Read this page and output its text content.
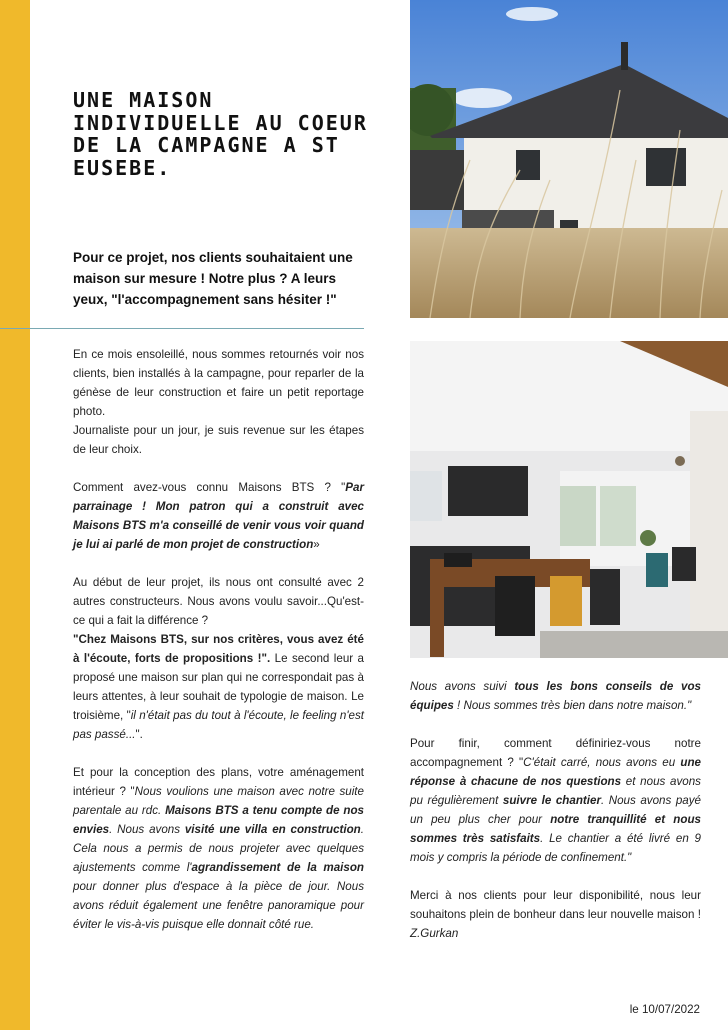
UNE MAISON INDIVIDUELLE AU COEUR DE LA CAMPAGNE A ST EUSEBE.

Pour ce projet, nos clients souhaitaient une maison sur mesure ! Notre plus ? A leurs yeux, "l'accompagnement sans hésiter !"

En ce mois ensoleillé, nous sommes retournés voir nos clients, bien installés à la campagne, pour reparler de la génèse de leur construction et faire un petit reportage photo.
Journaliste pour un jour, je suis revenue sur les étapes de leur choix.

Comment avez-vous connu Maisons BTS ? "Par parrainage ! Mon patron qui a construit avec Maisons BTS m'a conseillé de venir vous voir quand je lui ai parlé de mon projet de construction»

Au début de leur projet, ils nous ont consulté avec 2 autres constructeurs. Nous avons voulu savoir...Qu'est-ce qui a fait la différence ?
"Chez Maisons BTS, sur nos critères, vous avez été à l'écoute, forts de propositions !". Le second leur a proposé une maison sur plan qui ne correspondait pas à leurs attentes, à leur souhait de typologie de maison. Le troisième, "il n'était pas du tout à l'écoute, le feeling n'est pas passé...".

Et pour la conception des plans, votre aménagement intérieur ? "Nous voulions une maison avec notre suite parentale au rdc. Maisons BTS a tenu compte de nos envies. Nous avons visité une villa en construction. Cela nous a permis de nous projeter avec quelques ajustements comme l'agrandissement de la maison pour donner plus d'espace à la pièce de jour. Nous avons réduit également une fenêtre panoramique pour éviter le vis-à-vis puisque elle donnait côté rue.

Nous avons suivi tous les bons conseils de vos équipes ! Nous sommes très bien dans notre maison."

Pour finir, comment définiriez-vous notre accompagnement ? "C'était carré, nous avons eu une réponse à chacune de nos questions et nous avons pu régulièrement suivre le chantier. Nous avons payé un peu plus cher pour notre tranquillité et nous sommes très satisfaits. Le chantier a été livré en 9 mois y compris la période de confinement."

Merci à nos clients pour leur disponibilité, nous leur souhaitons plein de bonheur dans leur nouvelle maison ! Z.Gurkan

le 10/07/2022
